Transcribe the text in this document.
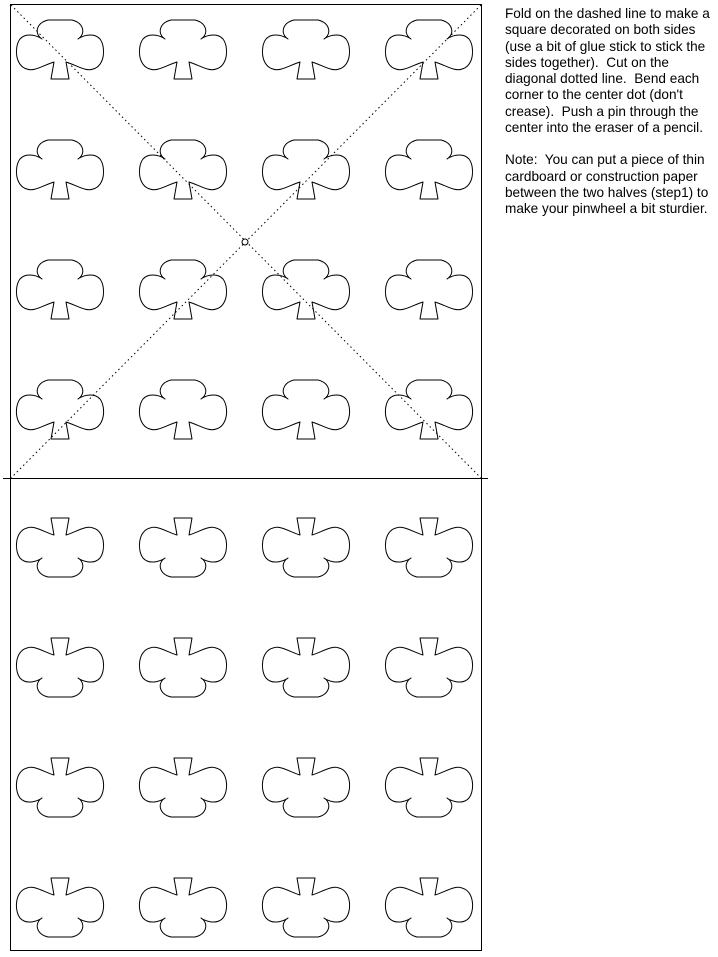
Fold on the dashed line to make a square decorated on both sides (use a bit of glue stick to stick the sides together).  Cut on the diagonal dotted line.  Bend each corner to the center dot (don't crease).  Push a pin through the center into the eraser of a pencil.

Note:  You can put a piece of thin cardboard or construction paper between the two halves (step1) to make your pinwheel a bit sturdier.
